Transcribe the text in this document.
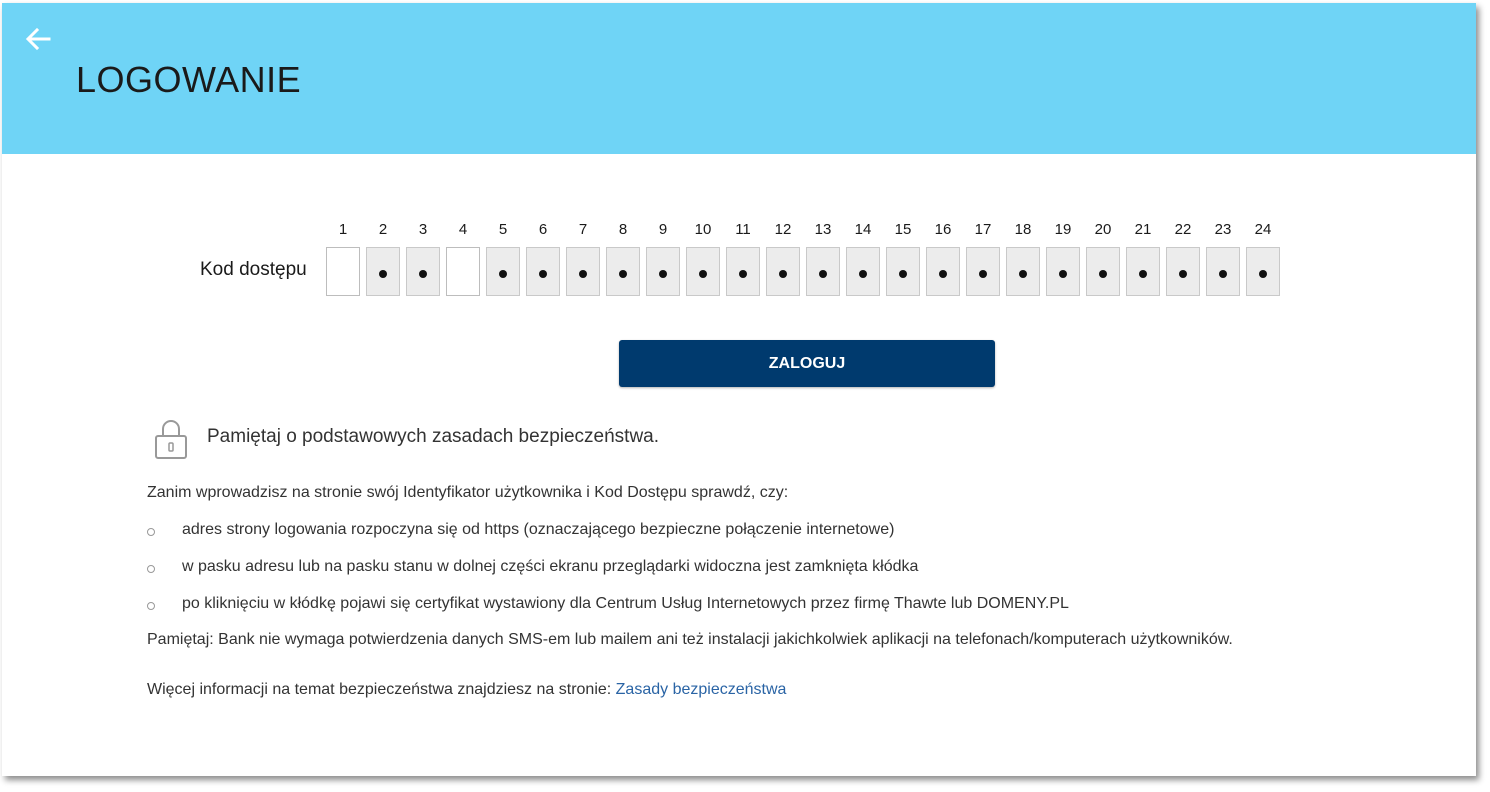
LOGOWANIE
Kod dostępu
1	2	3	4	5	6	7	8	9	10	11	12	13	14	15	16	17	18	19	20	21	22	23	24
ZALOGUJ
Pamiętaj o podstawowych zasadach bezpieczeństwa.
Zanim wprowadzisz na stronie swój Identyfikator użytkownika i Kod Dostępu sprawdź, czy:
adres strony logowania rozpoczyna się od https (oznaczającego bezpieczne połączenie internetowe)
w pasku adresu lub na pasku stanu w dolnej części ekranu przeglądarki widoczna jest zamknięta kłódka
po kliknięciu w kłódkę pojawi się certyfikat wystawiony dla Centrum Usług Internetowych przez firmę Thawte lub DOMENY.PL
Pamiętaj: Bank nie wymaga potwierdzenia danych SMS-em lub mailem ani też instalacji jakichkolwiek aplikacji na telefonach/komputerach użytkowników.
Więcej informacji na temat bezpieczeństwa znajdziesz na stronie: Zasady bezpieczeństwa
